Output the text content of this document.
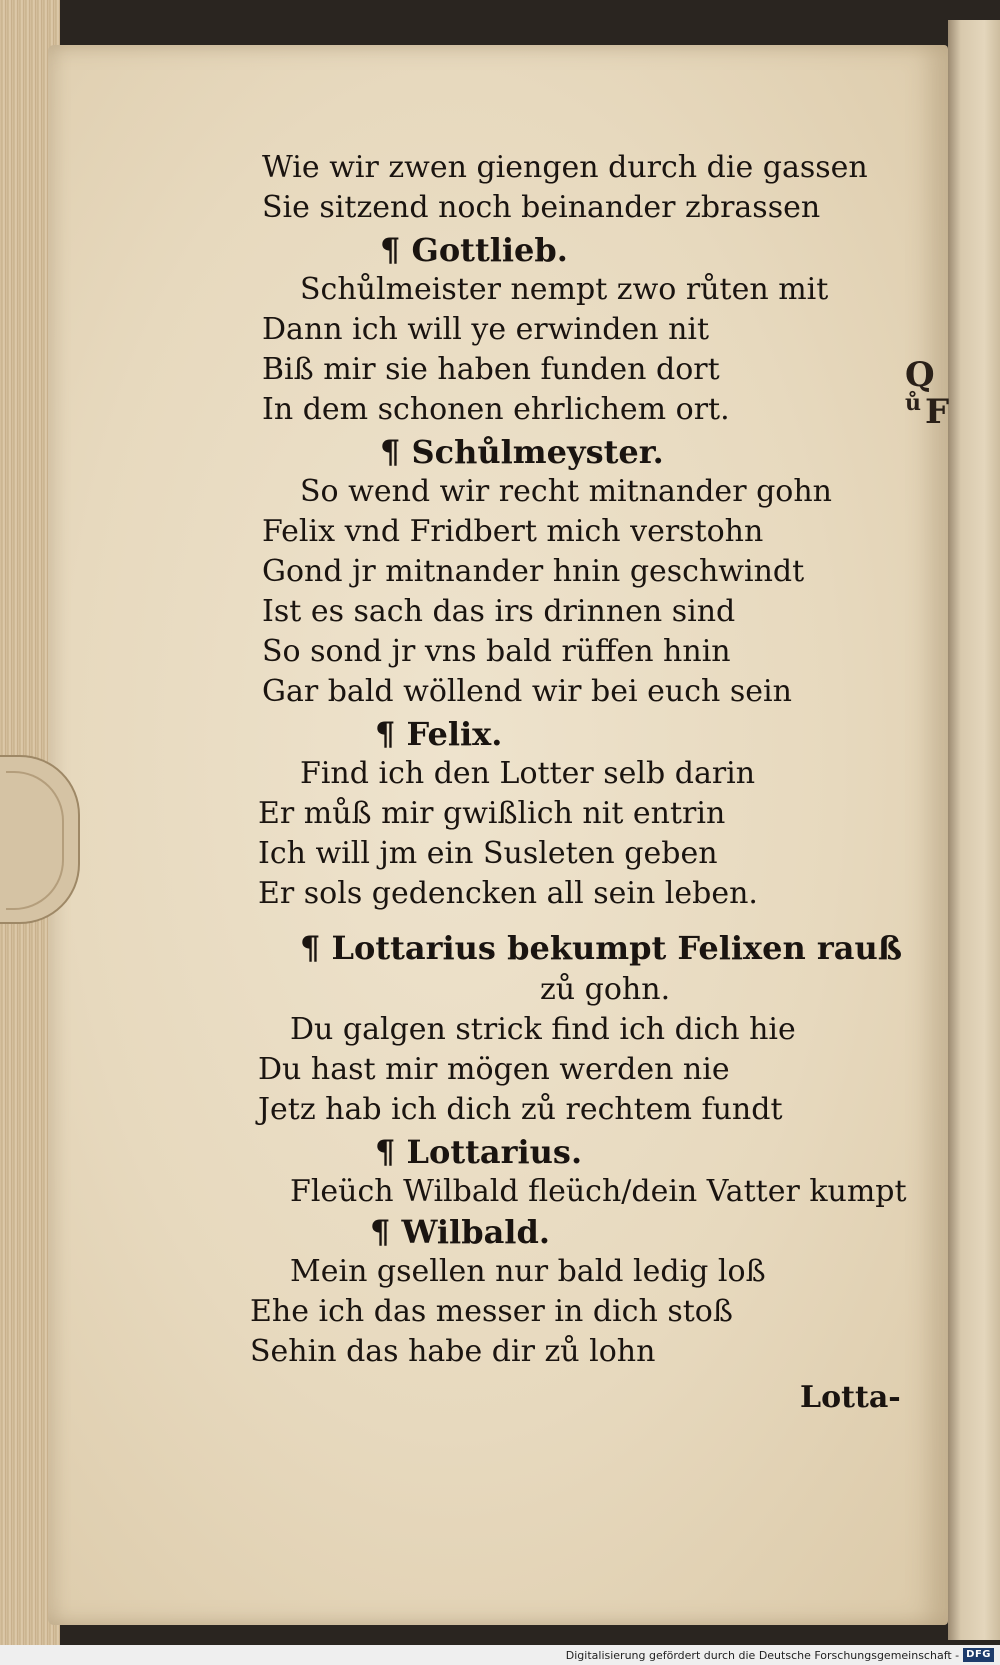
Wie wir zwen giengen durch die gassen
Sie sitzend noch beinander zbrassen
¶ Gottlieb.
Schůlmeister nempt zwo růten mit
Dann ich will ye erwinden nit
Biß mir sie haben funden dort
In dem schonen ehrlichem ort.
¶ Schůlmeyster.
So wend wir recht mitnander gohn
Felix vnd Fridbert mich verstohn
Gond jr mitnander hnin geschwindt
Ist es sach das irs drinnen sind
So sond jr vns bald rüffen hnin
Gar bald wöllend wir bei euch sein
¶ Felix.
Find ich den Lotter selb darin
Er můß mir gwißlich nit entrin
Ich will jm ein Susleten geben
Er sols gedencken all sein leben.
¶ Lottarius bekumpt Felixen rauß
zů gohn.
Du galgen strick find ich dich hie
Du hast mir mögen werden nie
Jetz hab ich dich zů rechtem fundt
¶ Lottarius.
Fleüch Wilbald fleüch/dein Vatter kumpt
¶ Wilbald.
Mein gsellen nur bald ledig loß
Ehe ich das messer in dich stoß
Sehin das habe dir zů lohn
Lotta-
Q
ů F
Digitalisierung gefördert durch die Deutsche Forschungsgemeinschaft - DFG
